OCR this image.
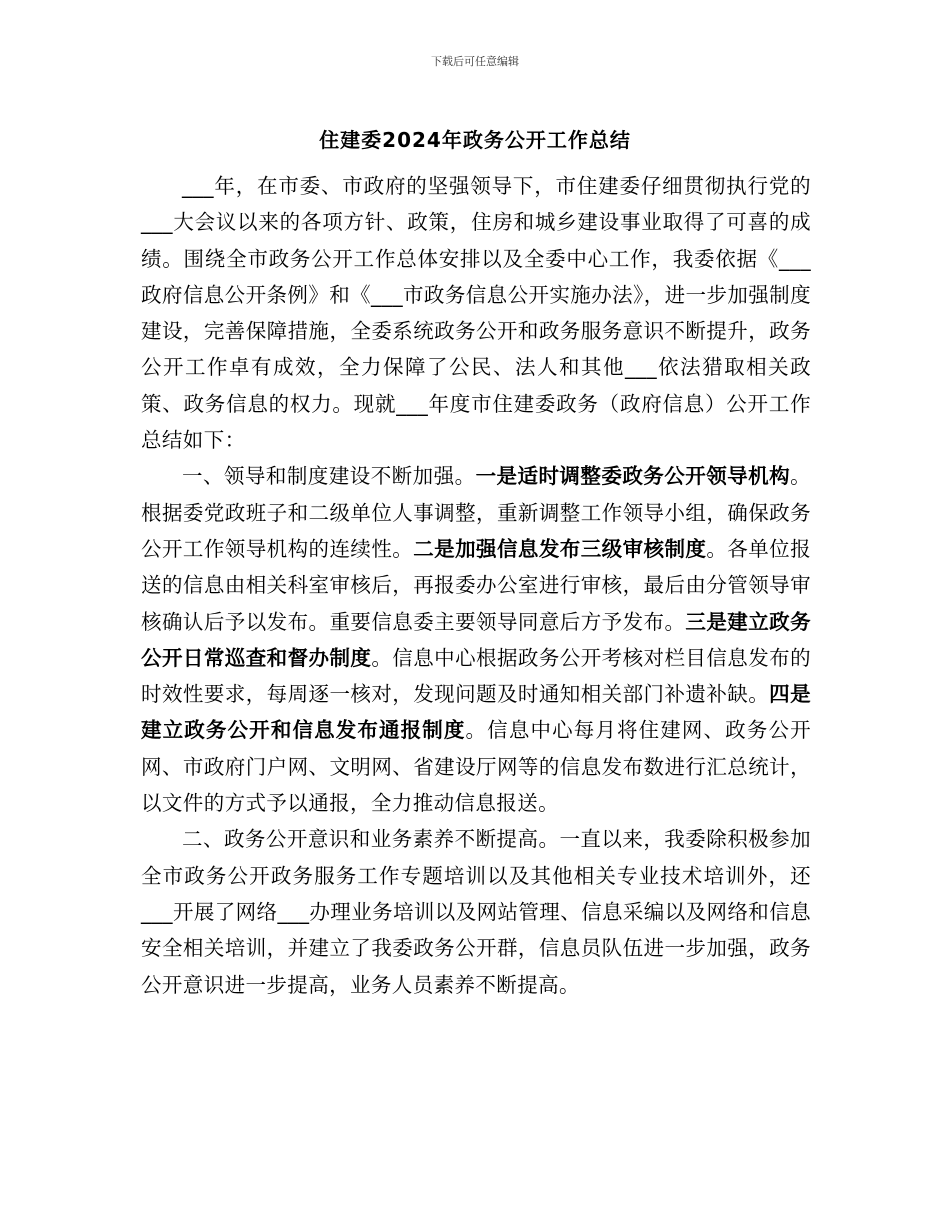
下载后可任意编辑
住建委2024年政务公开工作总结

___年，在市委、市政府的坚强领导下，市住建委仔细贯彻执行党的___大会议以来的各项方针、政策，住房和城乡建设事业取得了可喜的成绩。围绕全市政务公开工作总体安排以及全委中心工作，我委依据《___政府信息公开条例》和《___市政务信息公开实施办法》，进一步加强制度建设，完善保障措施，全委系统政务公开和政务服务意识不断提升，政务公开工作卓有成效，全力保障了公民、法人和其他___依法猎取相关政策、政务信息的权力。现就___年度市住建委政务（政府信息）公开工作总结如下：

一、领导和制度建设不断加强。一是适时调整委政务公开领导机构。根据委党政班子和二级单位人事调整，重新调整工作领导小组，确保政务公开工作领导机构的连续性。二是加强信息发布三级审核制度。各单位报送的信息由相关科室审核后，再报委办公室进行审核，最后由分管领导审核确认后予以发布。重要信息委主要领导同意后方予发布。三是建立政务公开日常巡查和督办制度。信息中心根据政务公开考核对栏目信息发布的时效性要求，每周逐一核对，发现问题及时通知相关部门补遗补缺。四是建立政务公开和信息发布通报制度。信息中心每月将住建网、政务公开网、市政府门户网、文明网、省建设厅网等的信息发布数进行汇总统计，以文件的方式予以通报，全力推动信息报送。

二、政务公开意识和业务素养不断提高。一直以来，我委除积极参加全市政务公开政务服务工作专题培训以及其他相关专业技术培训外，还___开展了网络___办理业务培训以及网站管理、信息采编以及网络和信息安全相关培训，并建立了我委政务公开群，信息员队伍进一步加强，政务公开意识进一步提高，业务人员素养不断提高。
